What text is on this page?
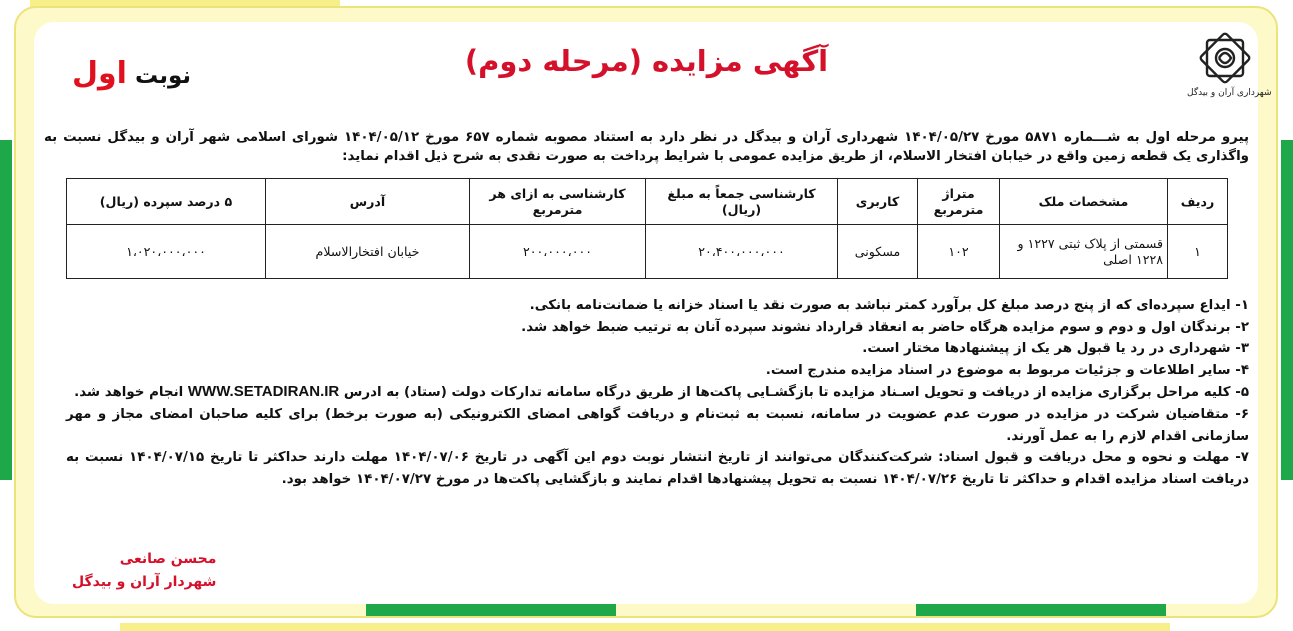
شهرداری آران و بیدگل
آگهی مزایده (مرحله دوم)
نوبت اول
پیرو مرحله اول به شـــماره ۵۸۷۱ مورخ ۱۴۰۴/۰۵/۲۷ شهرداری آران و بیدگل در نظر دارد به استناد مصوبه شماره ۶۵۷ مورخ ۱۴۰۴/۰۵/۱۲ شورای اسلامی شهر آران و بیدگل نسبت به واگذاری یک قطعه زمین واقع در خیابان افتخار الاسلام، از طریق مزایده عمومی با شرایط پرداخت به صورت نقدی به شرح ذیل اقدام نماید:
ردیف	مشخصات ملک	متراژ مترمربع	کاربری	کارشناسی جمعاً به مبلغ (ریال)	کارشناسی به ازای هر مترمربع	آدرس	۵ درصد سپرده (ریال)
۱	قسمتی از پلاک ثبتی ۱۲۲۷ و ۱۲۲۸ اصلی	۱۰۲	مسکونی	۲۰،۴۰۰،۰۰۰،۰۰۰	۲۰۰،۰۰۰،۰۰۰	خیابان افتخارالاسلام	۱،۰۲۰،۰۰۰،۰۰۰

۱- ایداع سپرده‌ای که از پنج درصد مبلغ کل برآورد کمتر نباشد به صورت نقد یا اسناد خزانه یا ضمانت‌نامه بانکی.

۲- برندگان اول و دوم و سوم مزایده هرگاه حاضر به انعقاد قرارداد نشوند سپرده آنان به ترتیب ضبط خواهد شد.

۳- شهرداری در رد یا قبول هر یک از پیشنهادها مختار است.

۴- سایر اطلاعات و جزئیات مربوط به موضوع در اسناد مزایده مندرج است.

۵- کلیه مراحل برگزاری مزایده از دریافت و تحویل اسـناد مزایده تا بازگشـایی پاکت‌ها از طریق درگاه سامانه تدارکات دولت (ستاد) به ادرس WWW.SETADIRAN.IR انجام خواهد شد.

۶- متقاضیان شرکت در مزایده در صورت عدم عضویت در سامانه، نسبت به ثبت‌نام و دریافت گواهی امضای الکترونیکی (به صورت برخط) برای کلیه صاحبان امضای مجاز و مهر سازمانی اقدام لازم را به عمل آورند.

۷- مهلت و نحوه و محل دریافت و قبول اسناد: شرکت‌کنندگان می‌توانند از تاریخ انتشار نوبت دوم این آگهی در تاریخ ۱۴۰۴/۰۷/۰۶ مهلت دارند حداکثر تا تاریخ ۱۴۰۴/۰۷/۱۵ نسبت به دریافت اسناد مزایده اقدام و حداکثر تا تاریخ ۱۴۰۴/۰۷/۲۶ نسبت به تحویل پیشنهادها اقدام نمایند و بازگشایی پاکت‌ها در مورخ ۱۴۰۴/۰۷/۲۷ خواهد بود.

محسن صانعی
شهردار آران و بیدگل
